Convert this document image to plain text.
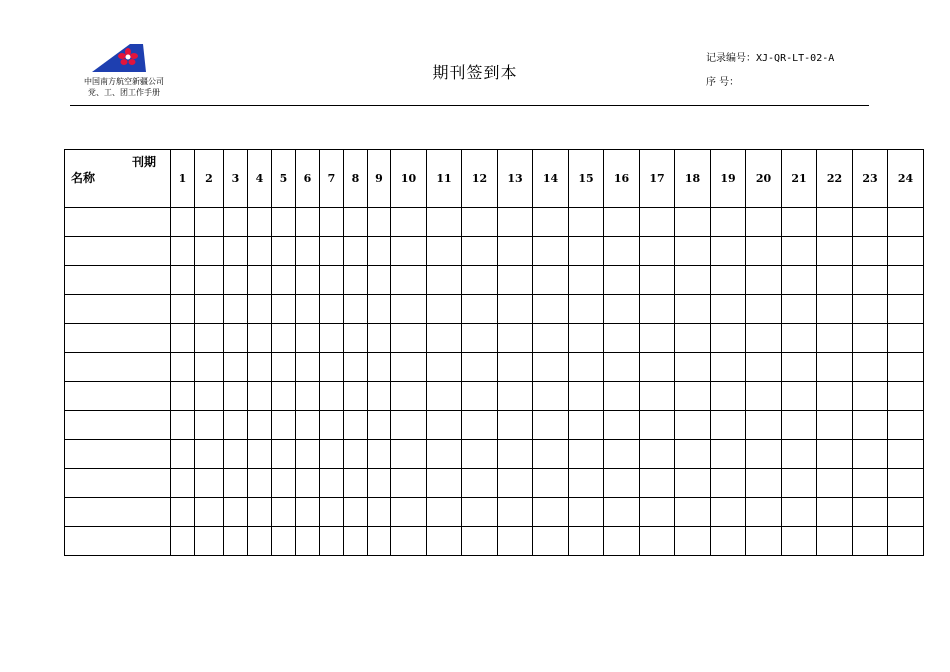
中国南方航空新疆公司
党、工、团工作手册
期刊签到本
记录编号：XJ-QR-LT-02-A
序 号：
刊期
名称	1	2	3	4	5	6	7	8	9	10	11	12	13	14	15	16	17	18	19	20	21	22	23	24
